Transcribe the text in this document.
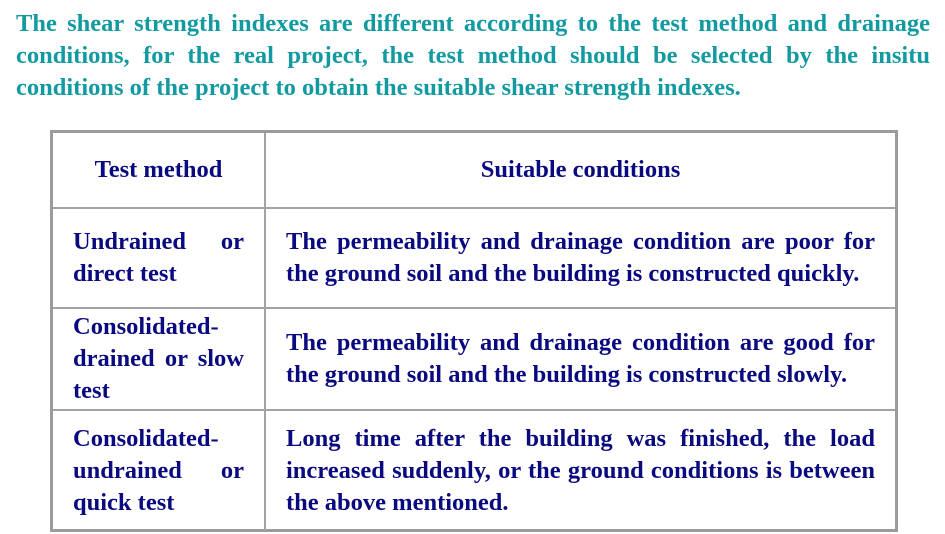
The shear strength indexes are different according to the test method and drainage conditions, for the real project, the test method should be selected by the insitu conditions of the project to obtain the suitable shear strength indexes.

Test method	Suitable conditions
Undrained or direct test	The permeability and drainage condition are poor for the ground soil and the building is constructed quickly.
Consolidated-drained or slow test	The permeability and drainage condition are good for the ground soil and the building is constructed slowly.
Consolidated-undrained or quick test	Long time after the building was finished, the load increased suddenly, or the ground conditions is between the above mentioned.
